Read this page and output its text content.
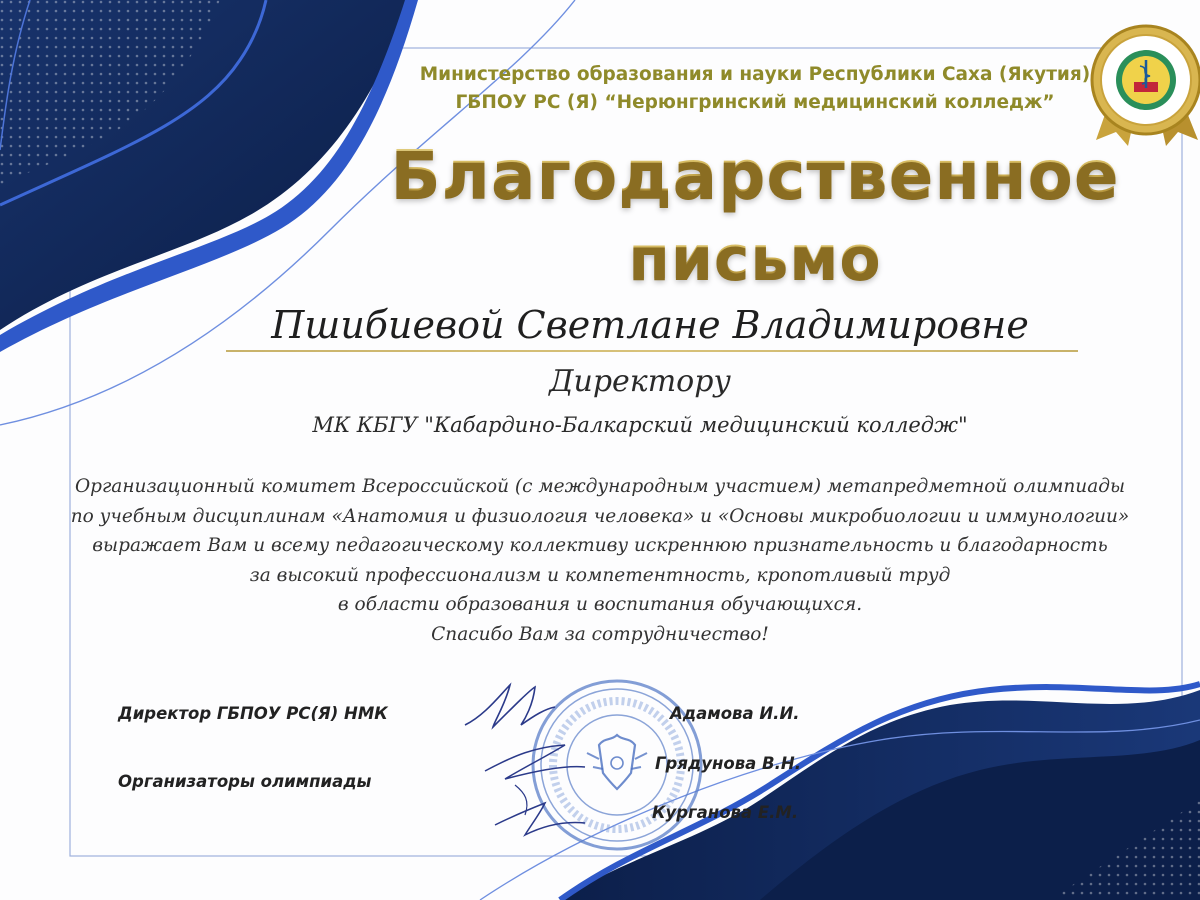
Министерство образования и науки Республики Саха (Якутия)
ГБПОУ РС (Я) “Нерюнгринский медицинский колледж”
Благодарственное
письмо
Пшибиевой Светлане Владимировне
Директору
МК КБГУ "Кабардино-Балкарский медицинский колледж"
Организационный комитет Всероссийской (с международным участием) метапредметной олимпиады
по учебным дисциплинам «Анатомия и физиология человека» и «Основы микробиологии и иммунологии»
выражает Вам и всему педагогическому коллективу искреннюю признательность и благодарность
за высокий профессионализм и компетентность, кропотливый труд
в области образования и воспитания обучающихся.
Спасибо Вам за сотрудничество!
Директор ГБПОУ РС(Я) НМК
Организаторы олимпиады
Адамова И.И.
Грядунова В.Н.
Курганова Е.М.
